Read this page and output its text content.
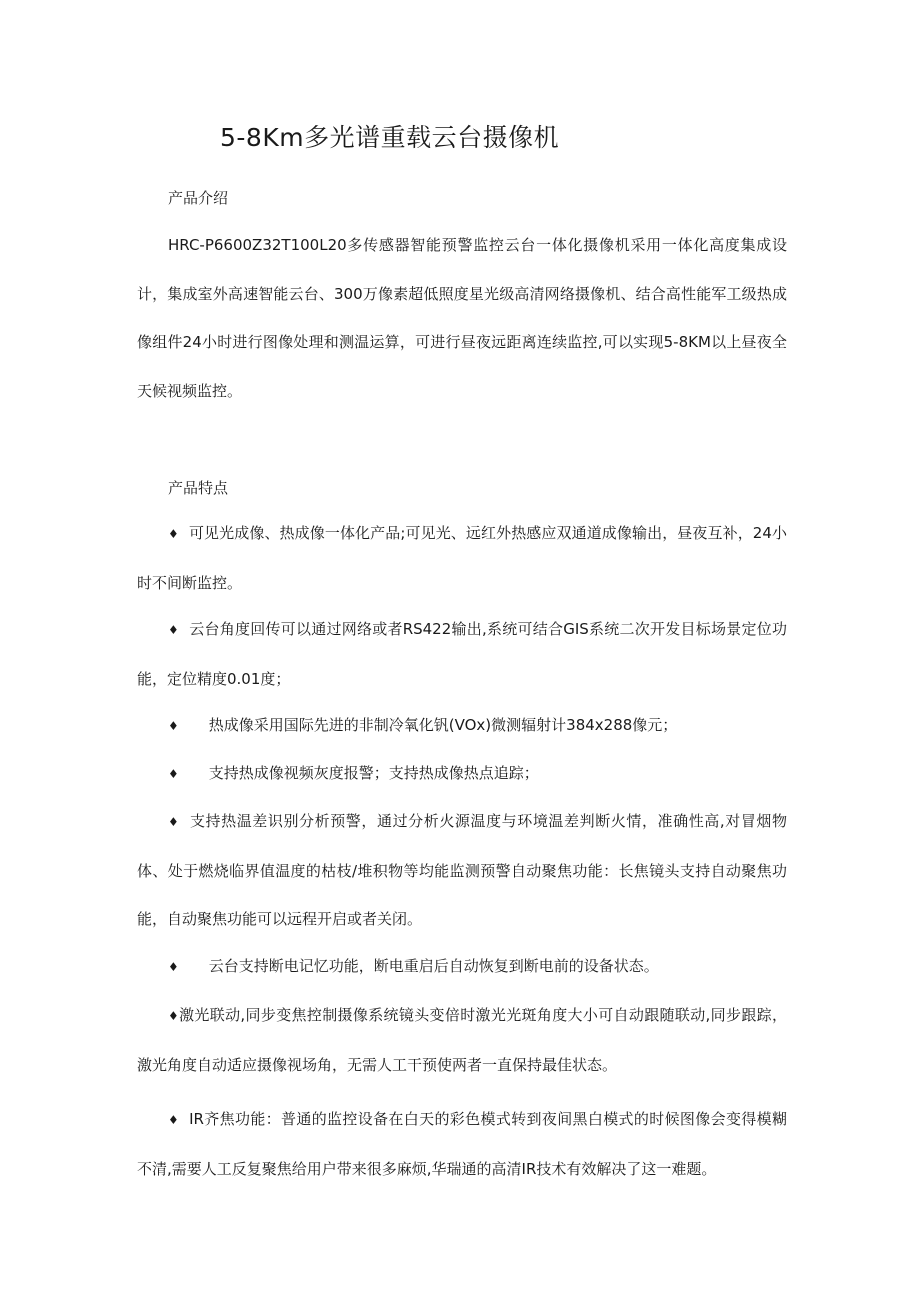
5-8Km多光谱重载云台摄像机
产品介绍

HRC-P6600Z32T100L20多传感器智能预警监控云台一体化摄像机采用一体化高度集成设计，集成室外高速智能云台、300万像素超低照度星光级高清网络摄像机、结合高性能军工级热成像组件24小时进行图像处理和测温运算，可进行昼夜远距离连续监控,可以实现5-8KM以上昼夜全天候视频监控。

产品特点

♦ 可见光成像、热成像一体化产品;可见光、远红外热感应双通道成像输出，昼夜互补，24小时不间断监控。

♦ 云台角度回传可以通过网络或者RS422输出,系统可结合GIS系统二次开发目标场景定位功能，定位精度0.01度；

♦ 热成像采用国际先进的非制冷氧化钒(VOx)微测辐射计384x288像元；

♦ 支持热成像视频灰度报警；支持热成像热点追踪；

♦ 支持热温差识别分析预警，通过分析火源温度与环境温差判断火情，准确性高,对冒烟物体、处于燃烧临界值温度的枯枝/堆积物等均能监测预警自动聚焦功能：长焦镜头支持自动聚焦功能，自动聚焦功能可以远程开启或者关闭。

♦ 云台支持断电记忆功能，断电重启后自动恢复到断电前的设备状态。

♦激光联动,同步变焦控制摄像系统镜头变倍时激光光斑角度大小可自动跟随联动,同步跟踪，激光角度自动适应摄像视场角，无需人工干预使两者一直保持最佳状态。

♦ IR齐焦功能：普通的监控设备在白天的彩色模式转到夜间黑白模式的时候图像会变得模糊不清,需要人工反复聚焦给用户带来很多麻烦,华瑞通的高清IR技术有效解决了这一难题。
